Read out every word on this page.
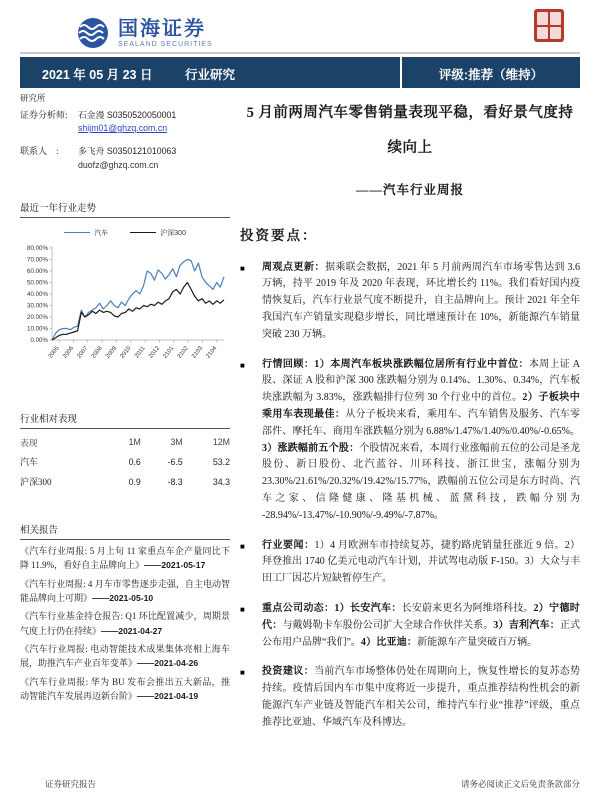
国海证券
SEALAND SECURITIES
2021 年 05 月 23 日	行业研究	评级:推荐（维持）
研究所
证券分析师:	石金漫 S0350520050001
shijm01@ghzq.com.cn
联系人　:	多飞舟 S0350121010063
duofz@ghzq.com.cn
最近一年行业走势
汽车	沪深300
0.00%
10.00%
20.00%
30.00%
40.00%
50.00%
60.00%
70.00%
80.00%
2005 2006 2007 2008 2009 2010 2011 2012 2101 2102 2103 2104
行业相对表现
表现	1M	3M	12M
汽车	0.6	-6.5	53.2
沪深300	0.9	-8.3	34.3
相关报告
《汽车行业周报: 5 月上旬 11 家重点车企产量同比下降 11.9%，看好自主品牌向上》——2021-05-17
《汽车行业周报: 4 月车市零售逐步走强，自主电动智能品牌向上可期》——2021-05-10
《汽车行业基金持仓报告: Q1 环比配置减少，周期景气度上行仍在持续》——2021-04-27
《汽车行业周报: 电动智能技术成果集体亮相上海车展，助推汽车产业百年变革》——2021-04-26
《汽车行业周报: 华为 BU 发布会推出五大新品，推动智能汽车发展再迈新台阶》——2021-04-19
5 月前两周汽车零售销量表现平稳，看好景气度持续向上
——汽车行业周报
投资要点：
■	周观点更新：据乘联会数据，2021 年 5 月前两周汽车市场零售达到 3.6 万辆，持平 2019 年及 2020 年表现，环比增长约 11%。我们看好国内疫情恢复后，汽车行业景气度不断提升，自主品牌向上。预计 2021 年全年我国汽车产销量实现稳步增长，同比增速预计在 10%，新能源汽车销量突破 230 万辆。
■	行情回顾：1）本周汽车板块涨跌幅位居所有行业中首位：本周上证 A 股、深证 A 股和沪深 300 涨跌幅分别为 0.14%、1.30%、0.34%，汽车板块涨跌幅为 3.83%，涨跌幅排行位列 30 个行业中的首位。2）子板块中乘用车表现最佳：从分子板块来看，乘用车、汽车销售及服务、汽车零部件、摩托车、商用车涨跌幅分别为 6.88%/1.47%/1.40%/0.40%/-0.65%。3）涨跌幅前五个股：个股情况来看，本周行业涨幅前五位的公司是圣龙股份、新日股份、北汽蓝谷、川环科技、浙江世宝，涨幅分别为 23.30%/21.61%/20.32%/19.42%/15.77%，跌幅前五位公司是东方时尚、汽车之家、信隆健康、隆基机械、蓝黛科技，跌幅分别为 -28.94%/-13.47%/-10.90%/-9.49%/-7.87%。
■	行业要闻：1）4 月欧洲车市持续复苏，捷豹路虎销量狂涨近 9 倍。2）拜登推出 1740 亿美元电动汽车计划，并试驾电动版 F-150。3）大众与丰田工厂因芯片短缺暂停生产。
■	重点公司动态：1）长安汽车：长安蔚来更名为阿维塔科技。2）宁德时代：与戴姆勒卡车股份公司扩大全球合作伙伴关系。3）吉利汽车：正式公布用户品牌“我们”。4）比亚迪：新能源车产量突破百万辆。
■	投资建议：当前汽车市场整体仍处在周期向上，恢复性增长的复苏态势持续。疫情后国内车市集中度将近一步提升，重点推荐结构性机会的新能源汽车产业链及智能汽车相关公司，维持汽车行业“推荐”评级，重点推荐比亚迪、华域汽车及科博达。
证券研究报告	请务必阅读正文后免责条款部分
